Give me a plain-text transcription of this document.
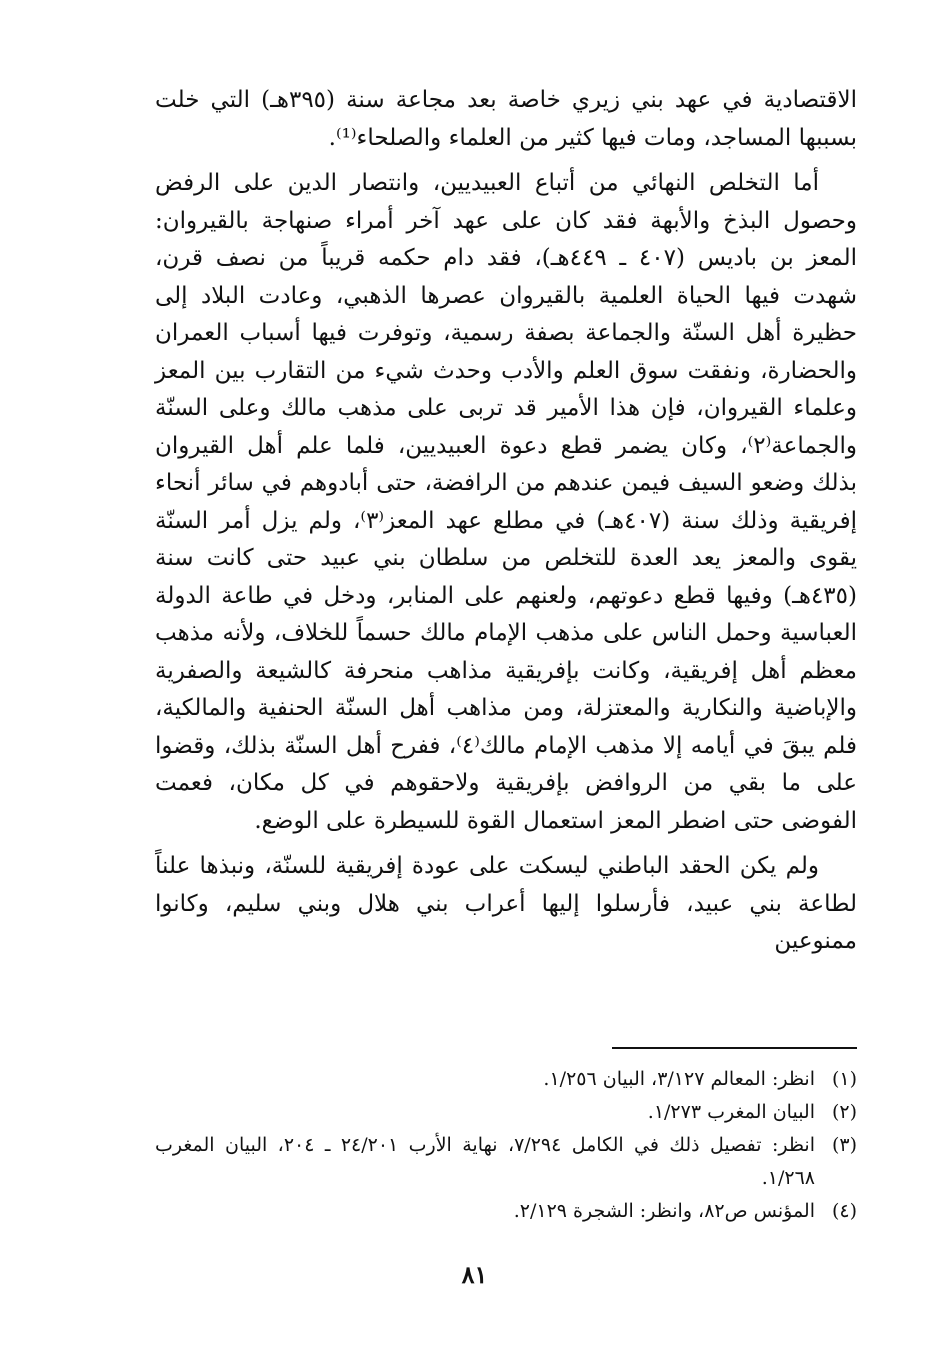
الاقتصادية في عهد بني زيري خاصة بعد مجاعة سنة (٣٩٥هـ) التي خلت بسببها المساجد، ومات فيها كثير من العلماء والصلحاء⁽¹⁾.

أما التخلص النهائي من أتباع العبيديين، وانتصار الدين على الرفض وحصول البذخ والأبهة فقد كان على عهد آخر أمراء صنهاجة بالقيروان: المعز بن باديس (٤٠٧ ـ ٤٤٩هـ)، فقد دام حكمه قريباً من نصف قرن، شهدت فيها الحياة العلمية بالقيروان عصرها الذهبي، وعادت البلاد إلى حظيرة أهل السنّة والجماعة بصفة رسمية، وتوفرت فيها أسباب العمران والحضارة، ونفقت سوق العلم والأدب وحدث شيء من التقارب بين المعز وعلماء القيروان، فإن هذا الأمير قد تربى على مذهب مالك وعلى السنّة والجماعة⁽٢⁾، وكان يضمر قطع دعوة العبيديين، فلما علم أهل القيروان بذلك وضعو السيف فيمن عندهم من الرافضة، حتى أبادوهم في سائر أنحاء إفريقية وذلك سنة (٤٠٧هـ) في مطلع عهد المعز⁽٣⁾، ولم يزل أمر السنّة يقوى والمعز يعد العدة للتخلص من سلطان بني عبيد حتى كانت سنة (٤٣٥هـ) وفيها قطع دعوتهم، ولعنهم على المنابر، ودخل في طاعة الدولة العباسية وحمل الناس على مذهب الإمام مالك حسماً للخلاف، ولأنه مذهب معظم أهل إفريقية، وكانت بإفريقية مذاهب منحرفة كالشيعة والصفرية والإباضية والنكارية والمعتزلة، ومن مذاهب أهل السنّة الحنفية والمالكية، فلم يبقَ في أيامه إلا مذهب الإمام مالك⁽٤⁾، ففرح أهل السنّة بذلك، وقضوا على ما بقي من الروافض بإفريقية ولاحقوهم في كل مكان، فعمت الفوضى حتى اضطر المعز استعمال القوة للسيطرة على الوضع.

ولم يكن الحقد الباطني ليسكت على عودة إفريقية للسنّة، ونبذها علناً لطاعة بني عبيد، فأرسلوا إليها أعراب بني هلال وبني سليم، وكانوا ممنوعين

(١)
انظر: المعالم ٣/١٢٧، البيان ١/٢٥٦.
(٢)
البيان المغرب ١/٢٧٣.
(٣)
انظر: تفصيل ذلك في الكامل ٧/٢٩٤، نهاية الأرب ٢٤/٢٠١ ـ ٢٠٤، البيان المغرب ١/٢٦٨.
(٤)
المؤنس ص٨٢، وانظر: الشجرة ٢/١٢٩.
٨١
